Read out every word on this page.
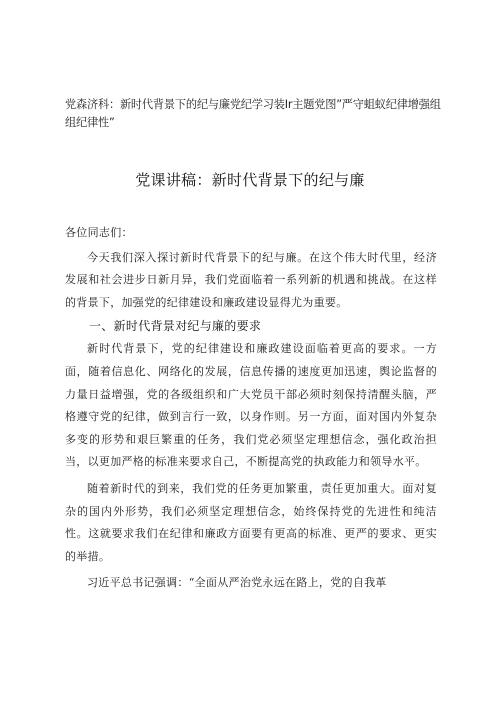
党森济科：新时代背景下的纪与廉党纪学习装Ir主题党图”严守蛆蚁纪律增强组组纪律性”
党课讲稿：新时代背景下的纪与廉

各位同志们：

今天我们深入探讨新时代背景下的纪与廉。在这个伟大时代里，经济发展和社会进步日新月异，我们党面临着一系列新的机遇和挑战。在这样的背景下，加强党的纪律建设和廉政建设显得尤为重要。

一、新时代背景对纪与廉的要求

新时代背景下，党的纪律建设和廉政建设面临着更高的要求。一方面，随着信息化、网络化的发展，信息传播的速度更加迅速，舆论监督的力量日益增强，党的各级组织和广大党员干部必须时刻保持清醒头脑，严格遵守党的纪律，做到言行一致，以身作则。另一方面，面对国内外复杂多变的形势和艰巨繁重的任务，我们党必须坚定理想信念，强化政治担当，以更加严格的标准来要求自己，不断提高党的执政能力和领导水平。

随着新时代的到来，我们党的任务更加繁重，责任更加重大。面对复杂的国内外形势，我们必须坚定理想信念，始终保持党的先进性和纯洁性。这就要求我们在纪律和廉政方面要有更高的标准、更严的要求、更实的举措。

习近平总书记强调：“全面从严治党永远在路上，党的自我革
